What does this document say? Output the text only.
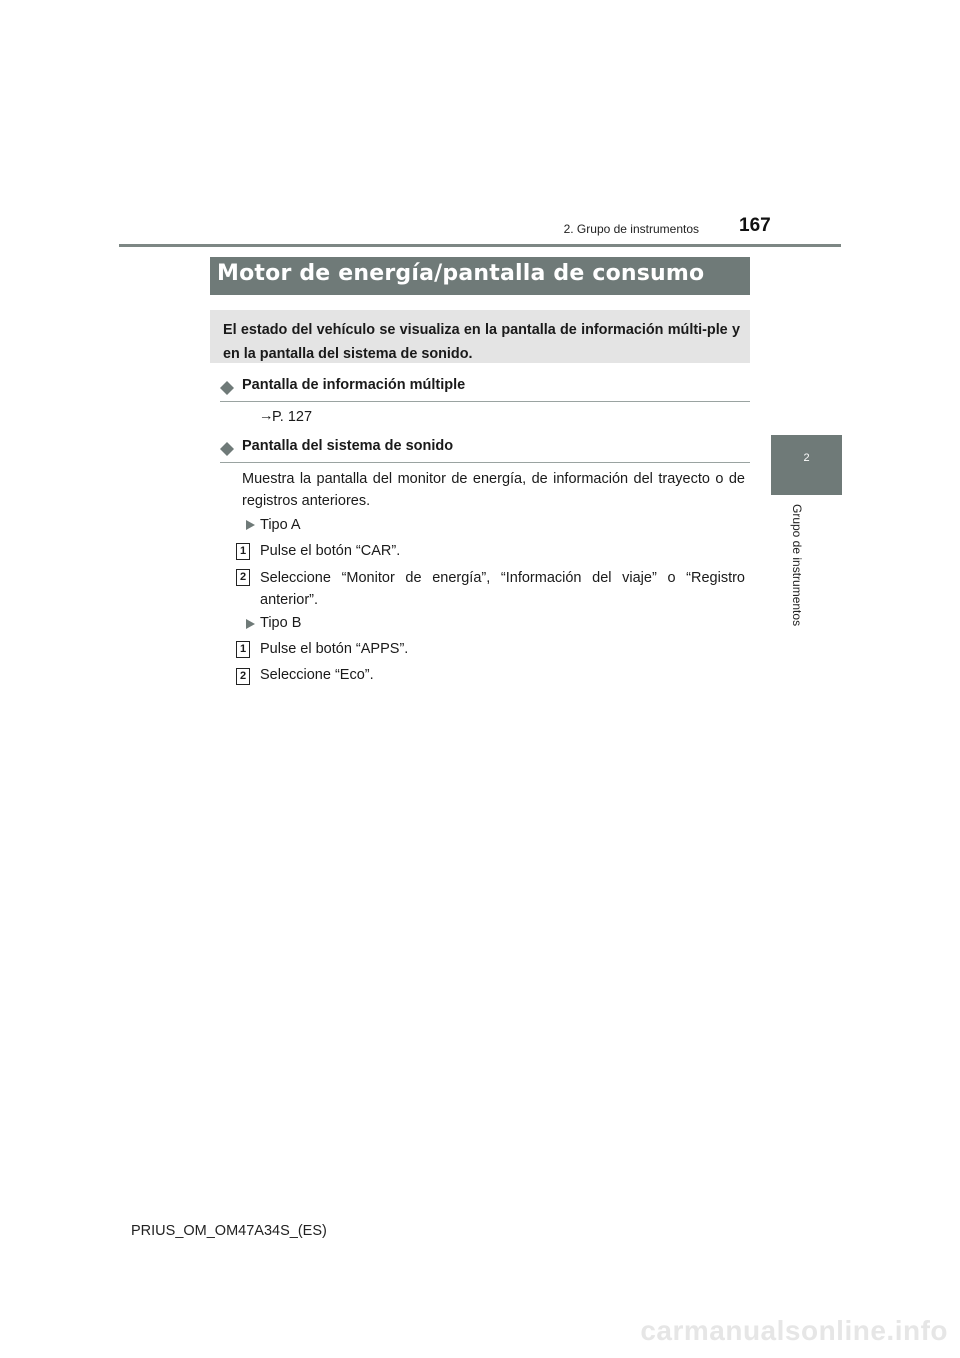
2. Grupo de instrumentos 167
2
Grupo de instrumentos
Motor de energía/pantalla de consumo
El estado del vehículo se visualiza en la pantalla de información múlti-ple y en la pantalla del sistema de sonido.
Pantalla de información múltiple
→
P. 127
Pantalla del sistema de sonido
Muestra la pantalla del monitor de energía, de información del trayecto o de registros anteriores.
Tipo A
1 Pulse el botón “CAR”.
2 Seleccione “Monitor de energía”, “Información del viaje” o “Registro anterior”.
Tipo B
1 Pulse el botón “APPS”.
2 Seleccione “Eco”.
PRIUS_OM_OM47A34S_(ES)
carmanualsonline.info
